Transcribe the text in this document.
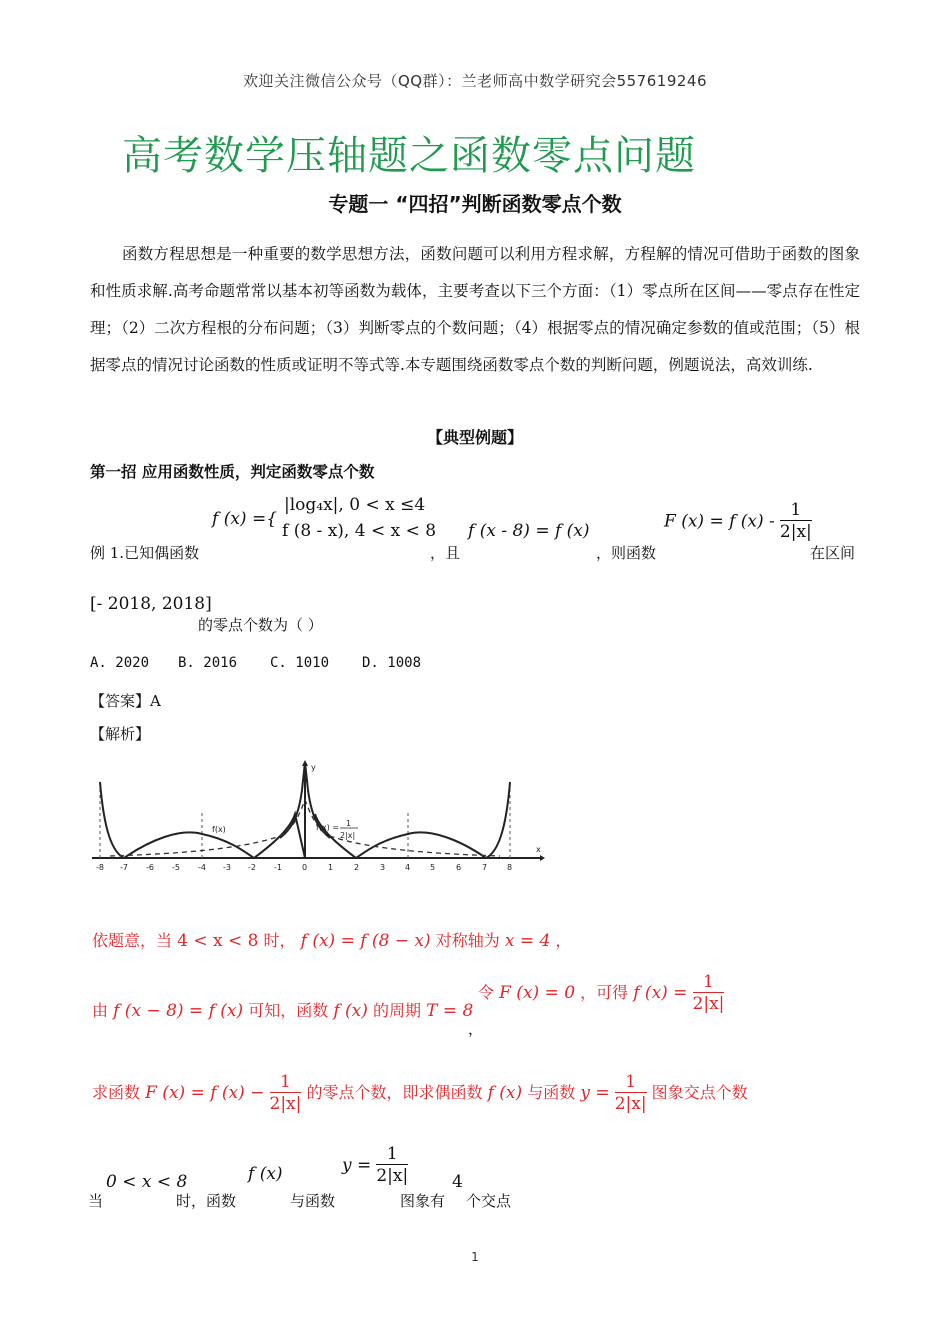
欢迎关注微信公众号（QQ群）：兰老师高中数学研究会557619246
高考数学压轴题之函数零点问题
专题一 “四招”判断函数零点个数
函数方程思想是一种重要的数学思想方法，函数问题可以利用方程求解，方程解的情况可借助于函数的图象和性质求解.高考命题常常以基本初等函数为载体，主要考查以下三个方面：（1）零点所在区间——零点存在性定理；（2）二次方程根的分布问题；（3）判断零点的个数问题；（4）根据零点的情况确定参数的值或范围；（5）根据零点的情况讨论函数的性质或证明不等式等.本专题围绕函数零点个数的判断问题，例题说法，高效训练.
【典型例题】
第一招 应用函数性质，判定函数零点个数
f (x) ={
|log₄x|, 0 < x ≤4
f (8 - x), 4 < x < 8
例 1.已知偶函数	，且
f (x - 8) = f (x)
，则函数
F (x) = f $(x) - \frac{1}{2|x|}$
在区间
[- 2018, 2018]
的零点个数为（ ）
A. 2020 B. 2016 C. 1010 D. 1008
【答案】A
【解析】
-8 -7 -6 -5 -4 -3 -2 -1	0	1	2	3 4 5	6	7 8
f(x)	f(x) = 1
2|x|
y
x
依题意，当 4 < x < 8 时， f (x) = f (8 − x) 对称轴为 x = 4 ，
由 f (x − 8) = f (x) 可知，函数 f (x) 的周期 T = 8
令 F (x) = 0 ，可得 f $(x) = \frac{1}{2|x|}$
，
求函数 F (x) = f $(x) - \frac{1}{2|x|}$ 的零点个数，即求偶函数 f (x) 与函数 $y = \frac{1}{2|x|}$ 图象交点个数
当
0 < x < 8
时，函数
f (x)
与函数
$y = \frac{1}{2|x|}$
图象有
4
个交点
1
